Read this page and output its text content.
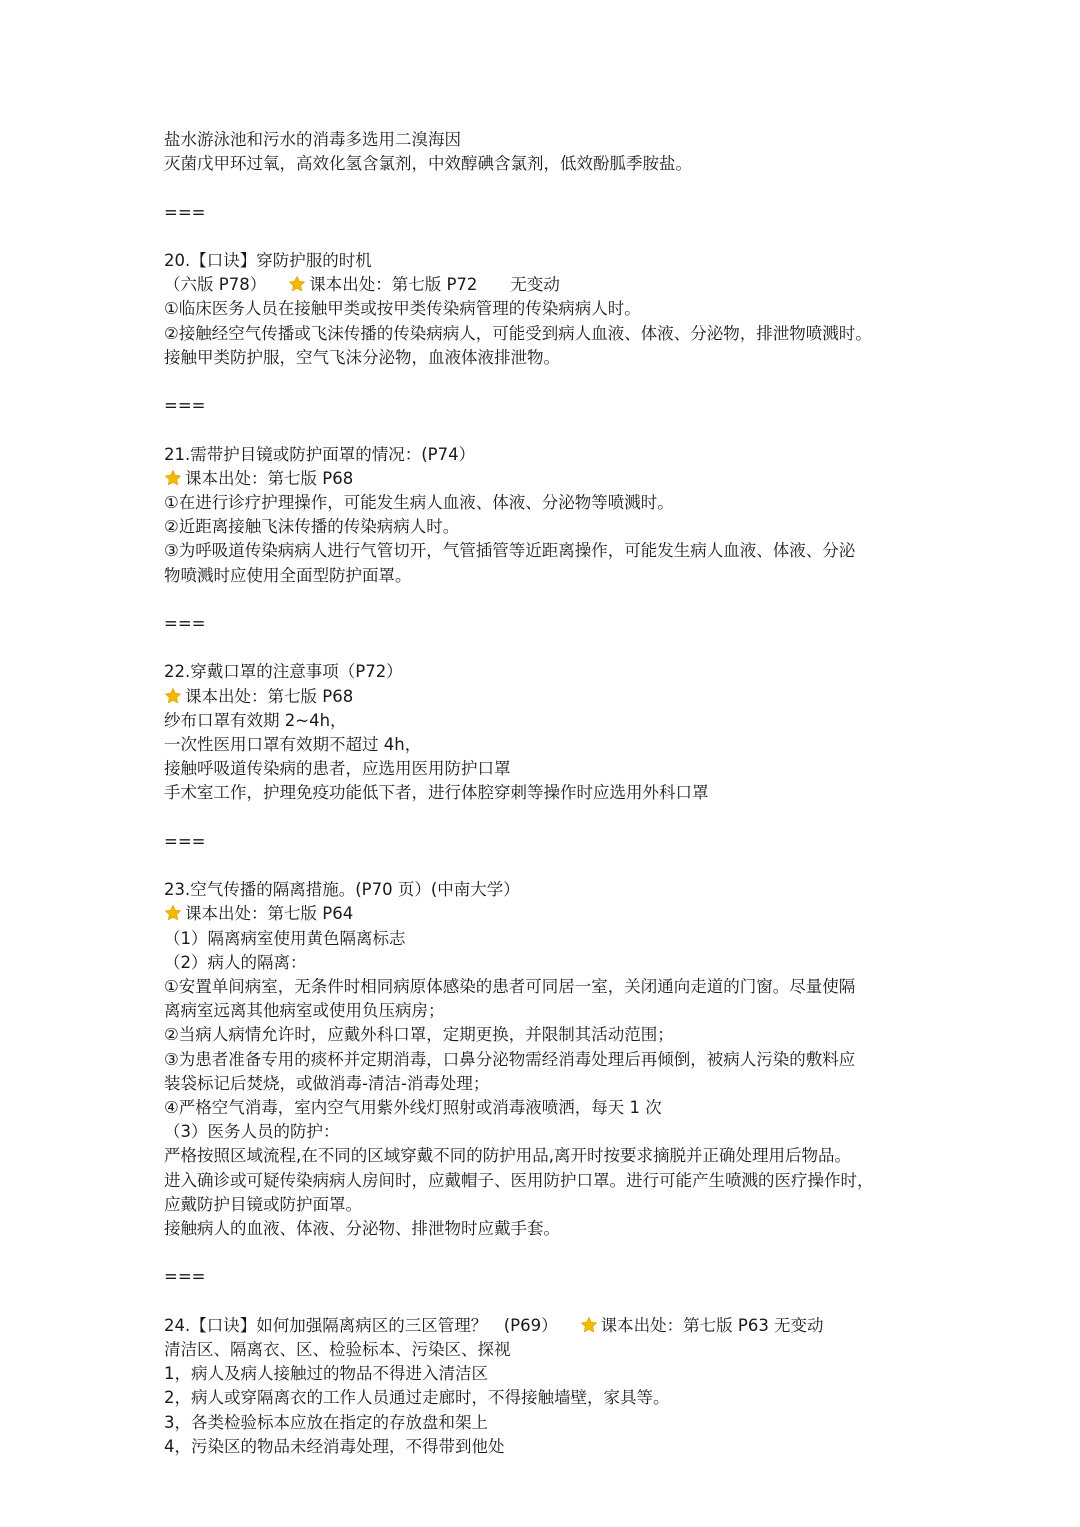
盐水游泳池和污水的消毒多选用二溴海因
灭菌戊甲环过氧，高效化氢含氯剂，中效醇碘含氯剂，低效酚胍季胺盐。
===
20.【口诀】穿防护服的时机
（六版 P78）	课本出处：第七版 P72　　无变动
①临床医务人员在接触甲类或按甲类传染病管理的传染病病人时。
②接触经空气传播或飞沫传播的传染病病人，可能受到病人血液、体液、分泌物，排泄物喷溅时。
接触甲类防护服，空气飞沫分泌物，血液体液排泄物。
===
21.需带护目镜或防护面罩的情况：(P74）
课本出处：第七版 P68
①在进行诊疗护理操作，可能发生病人血液、体液、分泌物等喷溅时。
②近距离接触飞沫传播的传染病病人时。
③为呼吸道传染病病人进行气管切开，气管插管等近距离操作，可能发生病人血液、体液、分泌
物喷溅时应使用全面型防护面罩。
===
22.穿戴口罩的注意事项（P72）
课本出处：第七版 P68
纱布口罩有效期 2~4h，
一次性医用口罩有效期不超过 4h，
接触呼吸道传染病的患者，应选用医用防护口罩
手术室工作，护理免疫功能低下者，进行体腔穿刺等操作时应选用外科口罩
===
23.空气传播的隔离措施。(P70 页）(中南大学）
课本出处：第七版 P64
（1）隔离病室使用黄色隔离标志
（2）病人的隔离：
①安置单间病室，无条件时相同病原体感染的患者可同居一室，关闭通向走道的门窗。尽量使隔
离病室远离其他病室或使用负压病房；
②当病人病情允许时，应戴外科口罩，定期更换，并限制其活动范围；
③为患者准备专用的痰杯并定期消毒，口鼻分泌物需经消毒处理后再倾倒，被病人污染的敷料应
装袋标记后焚烧，或做消毒-清洁-消毒处理；
④严格空气消毒，室内空气用紫外线灯照射或消毒液喷洒，每天 1 次
（3）医务人员的防护：
严格按照区域流程,在不同的区域穿戴不同的防护用品,离开时按要求摘脱并正确处理用后物品。
进入确诊或可疑传染病病人房间时，应戴帽子、医用防护口罩。进行可能产生喷溅的医疗操作时，
应戴防护目镜或防护面罩。
接触病人的血液、体液、分泌物、排泄物时应戴手套。
===
24.【口诀】如何加强隔离病区的三区管理？　(P69）	课本出处：第七版 P63 无变动
清洁区、隔离衣、区、检验标本、污染区、探视
1，病人及病人接触过的物品不得进入清洁区
2，病人或穿隔离衣的工作人员通过走廊时，不得接触墙壁，家具等。
3，各类检验标本应放在指定的存放盘和架上
4，污染区的物品未经消毒处理，不得带到他处
